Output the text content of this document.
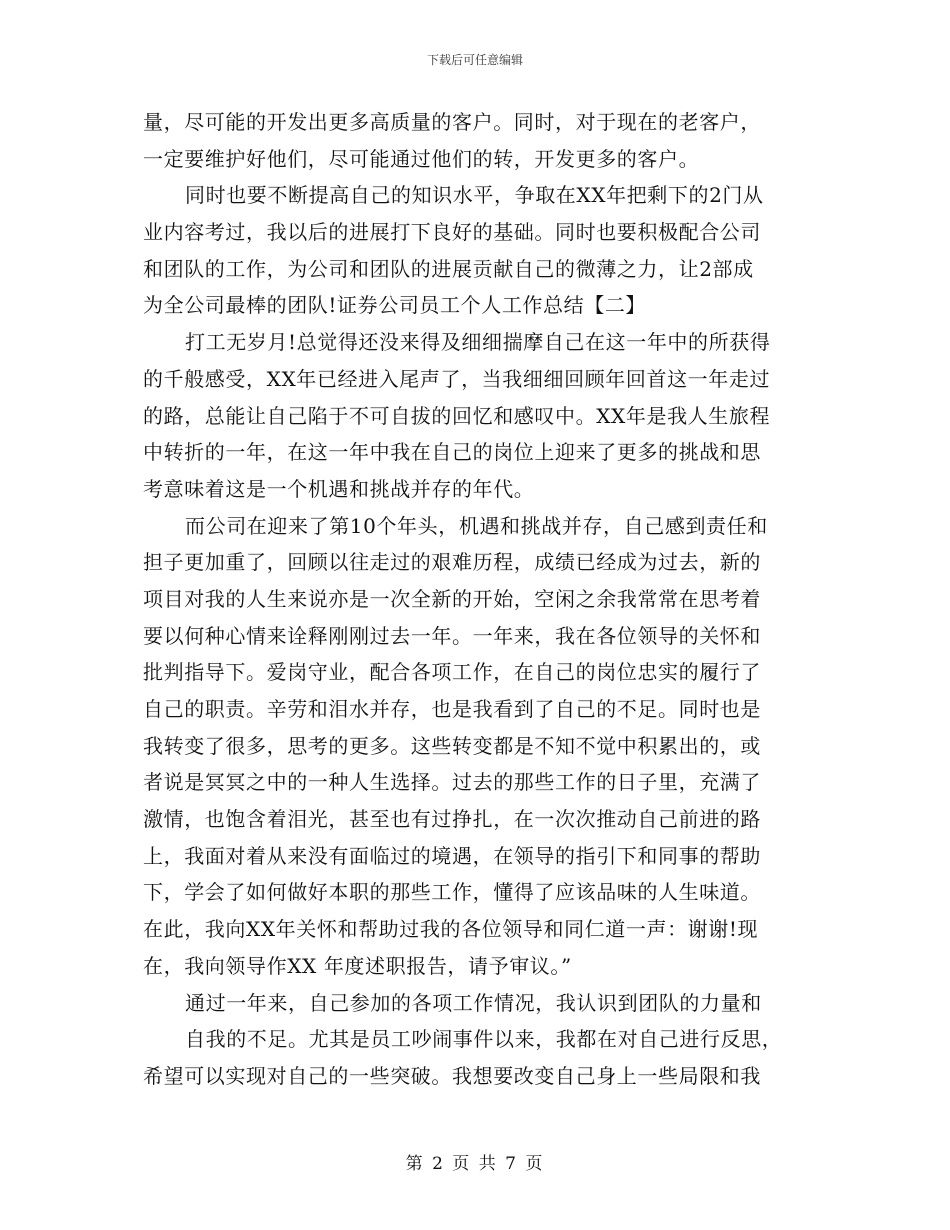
下载后可任意编辑
量，尽可能的开发出更多高质量的客户。同时，对于现在的老客户，
一定要维护好他们，尽可能通过他们的转，开发更多的客户。
同时也要不断提高自己的知识水平，争取在XX年把剩下的2门从
业内容考过，我以后的进展打下良好的基础。同时也要积极配合公司
和团队的工作，为公司和团队的进展贡献自己的微薄之力，让2部成
为全公司最棒的团队!证券公司员工个人工作总结【二】
打工无岁月!总觉得还没来得及细细揣摩自己在这一年中的所获得
的千般感受，XX年已经进入尾声了，当我细细回顾年回首这一年走过
的路，总能让自己陷于不可自拔的回忆和感叹中。XX年是我人生旅程
中转折的一年，在这一年中我在自己的岗位上迎来了更多的挑战和思
考意味着这是一个机遇和挑战并存的年代。
而公司在迎来了第10个年头，机遇和挑战并存，自己感到责任和
担子更加重了，回顾以往走过的艰难历程，成绩已经成为过去，新的
项目对我的人生来说亦是一次全新的开始，空闲之余我常常在思考着
要以何种心情来诠释刚刚过去一年。一年来，我在各位领导的关怀和
批判指导下。爱岗守业，配合各项工作，在自己的岗位忠实的履行了
自己的职责。辛劳和泪水并存，也是我看到了自己的不足。同时也是
我转变了很多，思考的更多。这些转变都是不知不觉中积累出的，或
者说是冥冥之中的一种人生选择。过去的那些工作的日子里，充满了
激情，也饱含着泪光，甚至也有过挣扎，在一次次推动自己前进的路
上，我面对着从来没有面临过的境遇，在领导的指引下和同事的帮助
下，学会了如何做好本职的那些工作，懂得了应该品味的人生味道。
在此，我向XX年关怀和帮助过我的各位领导和同仁道一声：谢谢!现
在，我向领导作XX 年度述职报告，请予审议。”
通过一年来，自己参加的各项工作情况，我认识到团队的力量和
自我的不足。尤其是员工吵闹事件以来，我都在对自己进行反思，
希望可以实现对自己的一些突破。我想要改变自己身上一些局限和我
第 2 页 共 7 页
